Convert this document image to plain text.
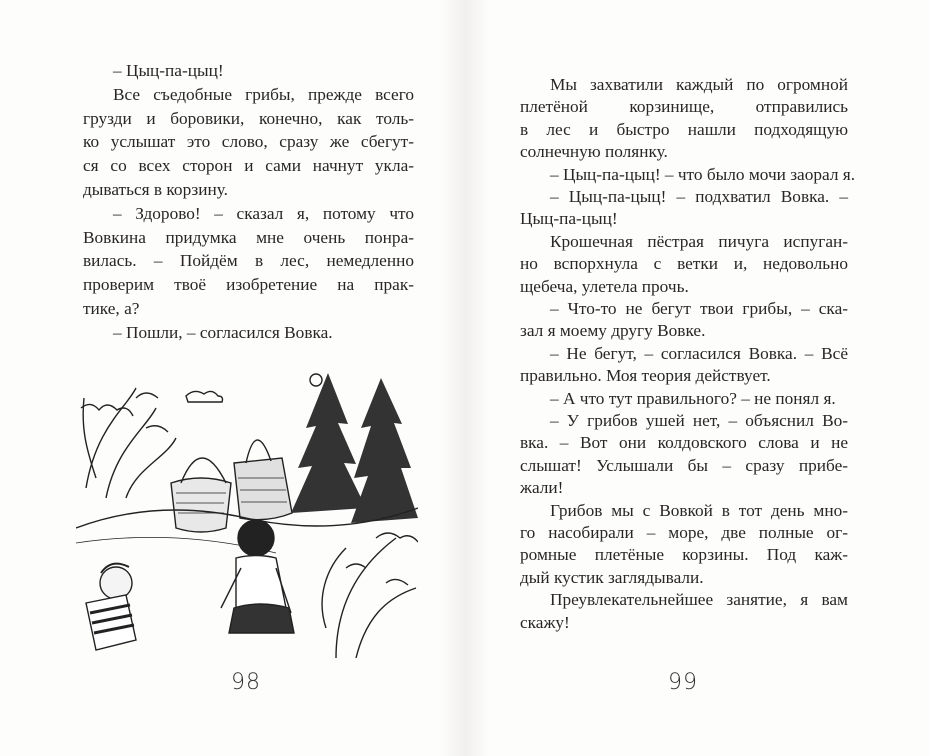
98
– Цыц-па-цыц!
Все съедобные грибы, прежде всего
грузди и боровики, конечно, как толь-
ко услышат это слово, сразу же сбегут-
ся со всех сторон и сами начнут укла-
дываться в корзину.
– Здорово! – сказал я, потому что
Вовкина придумка мне очень понра-
вилась. – Пойдём в лес, немедленно
проверим твоё изобретение на прак-
тике, а?
– Пошли, – согласился Вовка.
99
Мы захватили каждый по огромной
плетёной корзинище, отправились
в лес и быстро нашли подходящую
солнечную полянку.
– Цыц-па-цыц! – что было мочи заорал я.
– Цыц-па-цыц! – подхватил Вовка. –
Цыц-па-цыц!
Крошечная пёстрая пичуга испуган-
но вспорхнула с ветки и, недовольно
щебеча, улетела прочь.
– Что-то не бегут твои грибы, – ска-
зал я моему другу Вовке.
– Не бегут, – согласился Вовка. – Всё
правильно. Моя теория действует.
– А что тут правильного? – не понял я.
– У грибов ушей нет, – объяснил Во-
вка. – Вот они колдовского слова и не
слышат! Услышали бы – сразу прибе-
жали!
Грибов мы с Вовкой в тот день мно-
го насобирали – море, две полные ог-
ромные плетёные корзины. Под каж-
дый кустик заглядывали.
Преувлекательнейшее занятие, я вам
скажу!
